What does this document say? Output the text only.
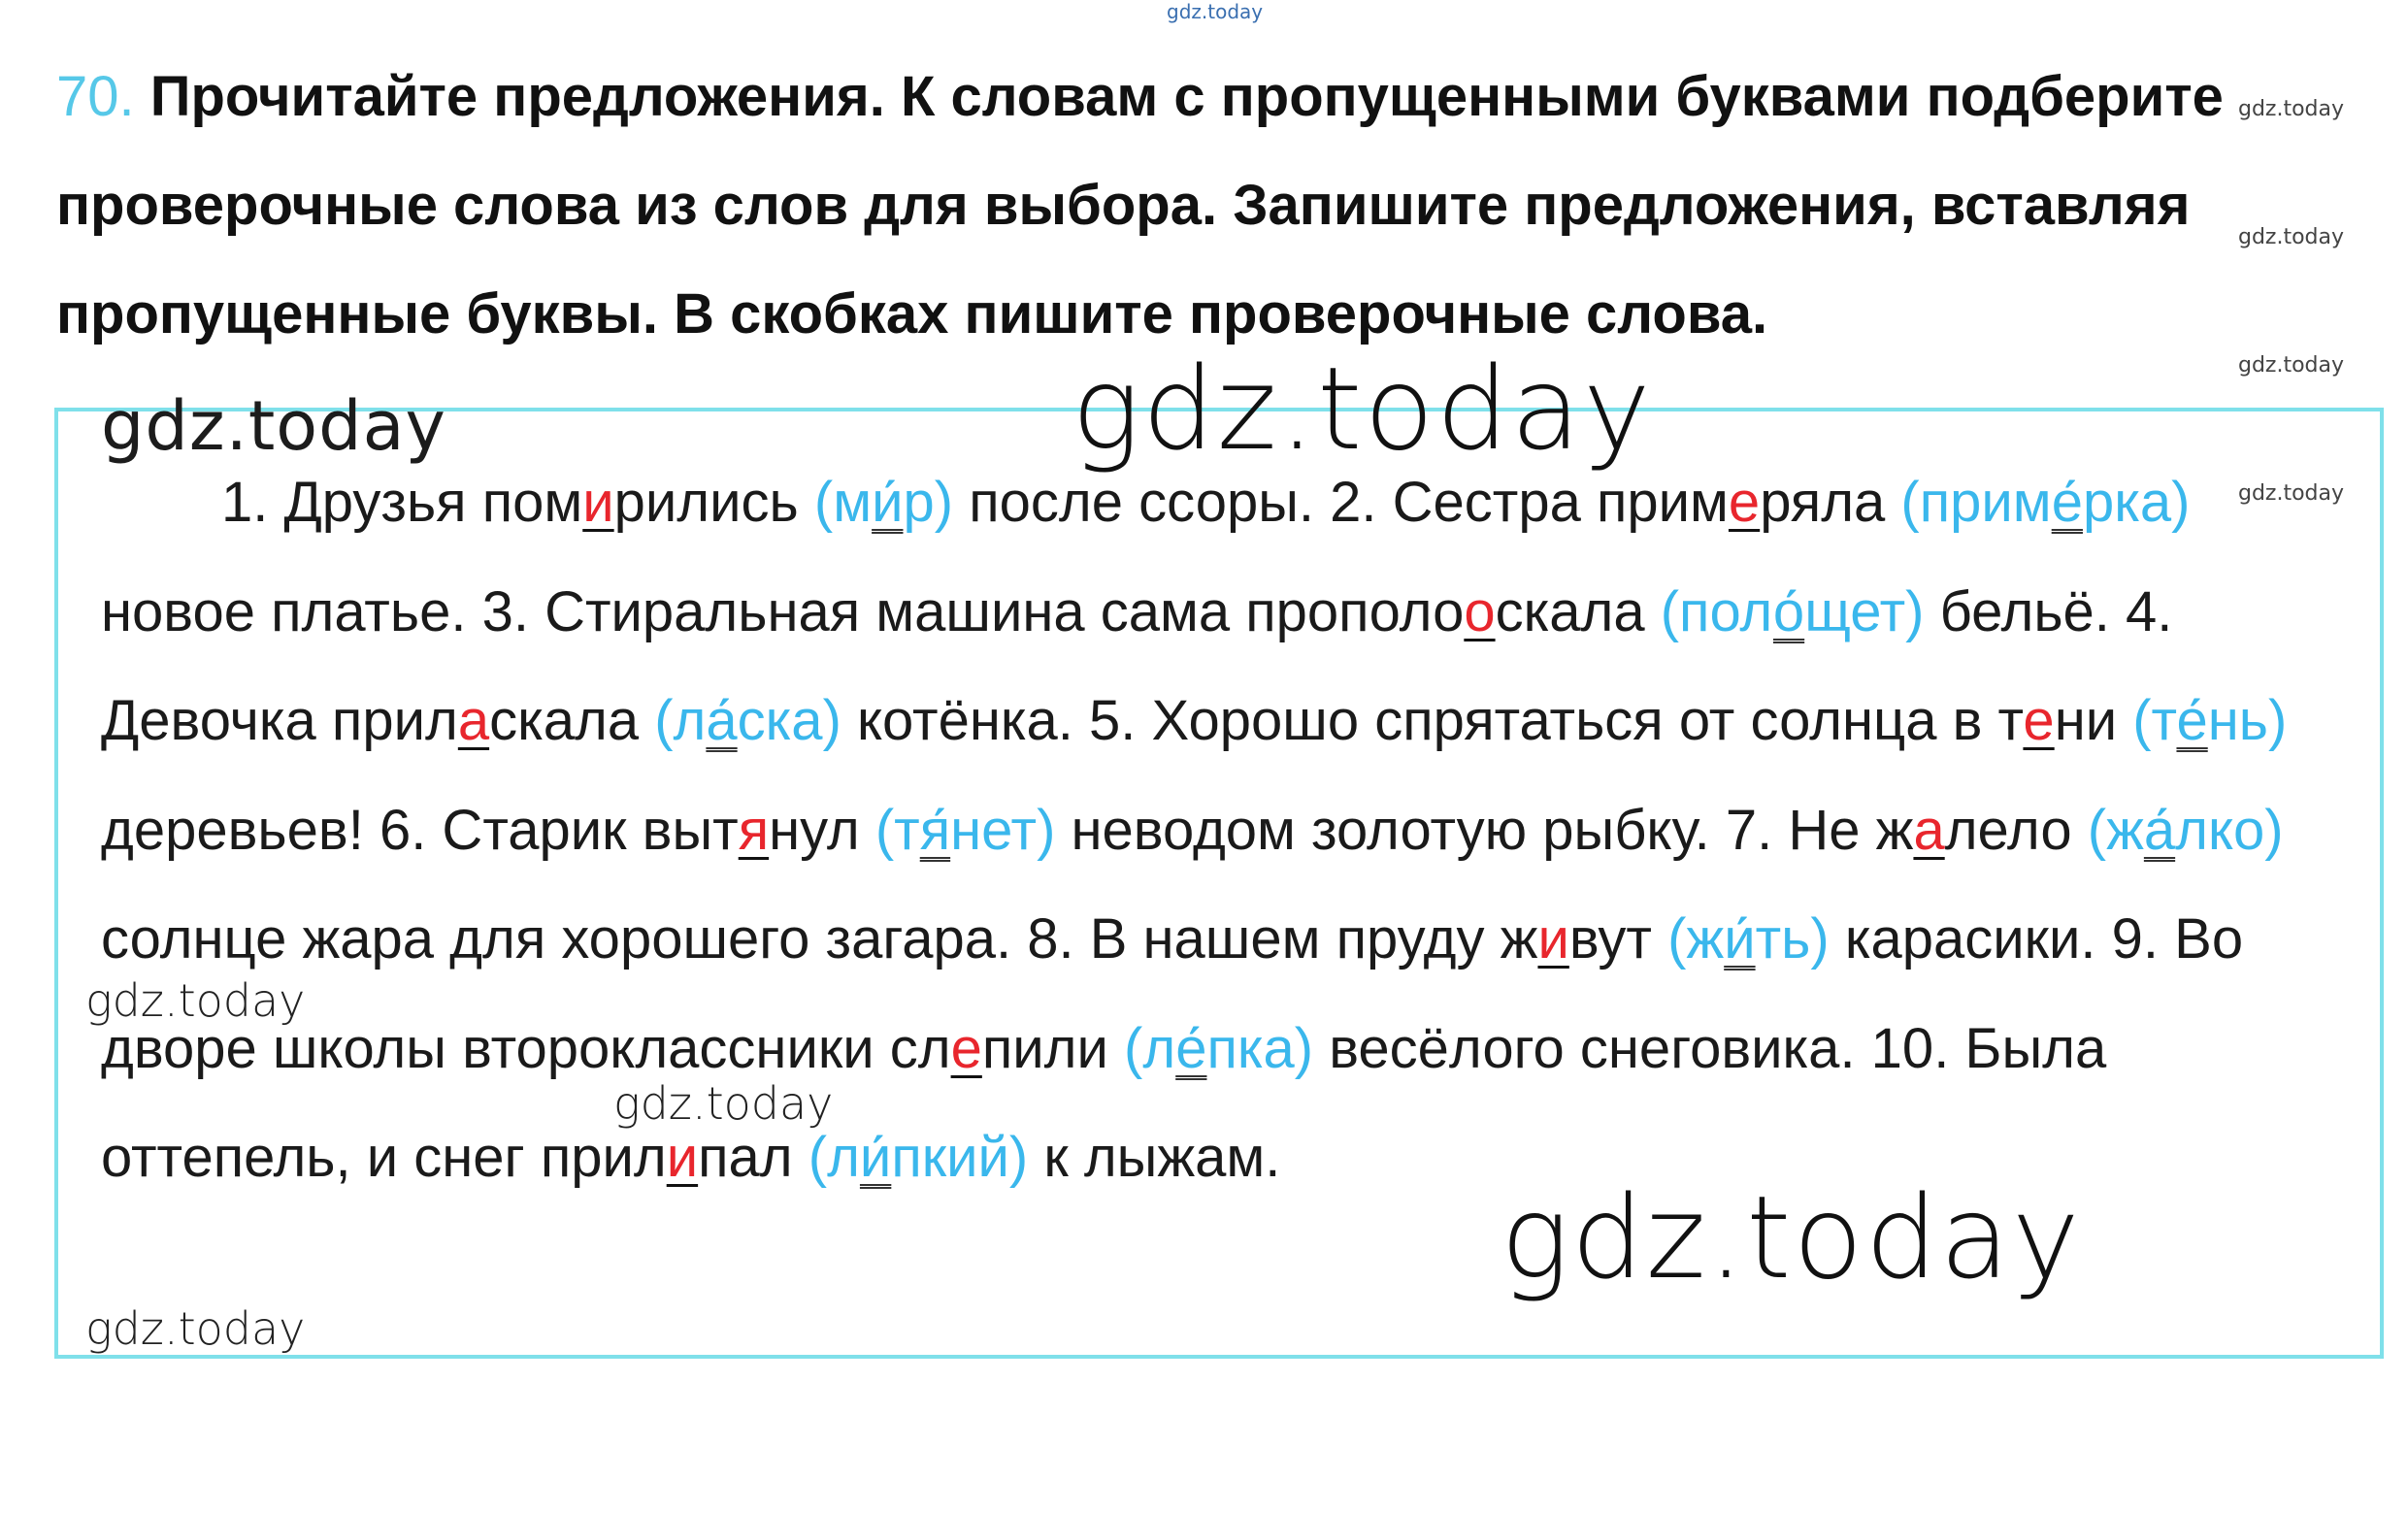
gdz.today
gdz.today
gdz.today
gdz.today
gdz.today

70. Прочитайте предложения. К словам с пропущенными буквами подберите проверочные слова из слов для выбора. Запишите предложения, вставляя пропущенные буквы. В скобках пишите проверочные слова.

gdz.today	gdz.today

1. Друзья помирились (ми́р) после ссоры. 2. Сестра примеряла (приме́рка) новое платье. 3. Стиральная машина сама прополооскала (поло́щет) бельё. 4. Девочка приласкала (ла́ска) котёнка. 5. Хорошо спрятаться от солнца в тени (те́нь) деревьев! 6. Старик вытянул (тя́нет) неводом золотую рыбку. 7. Не жалело (жа́лко) солнце жара для хорошего загара. 8. В нашем пруду живут (жи́ть) карасики. 9. Во дворе школы второклассники слепили (ле́пка) весёлого снеговика. 10. Была оттепель, и снег прилипал (ли́пкий) к лыжам.

gdz.today
gdz.today
gdz.today
gdz.today
